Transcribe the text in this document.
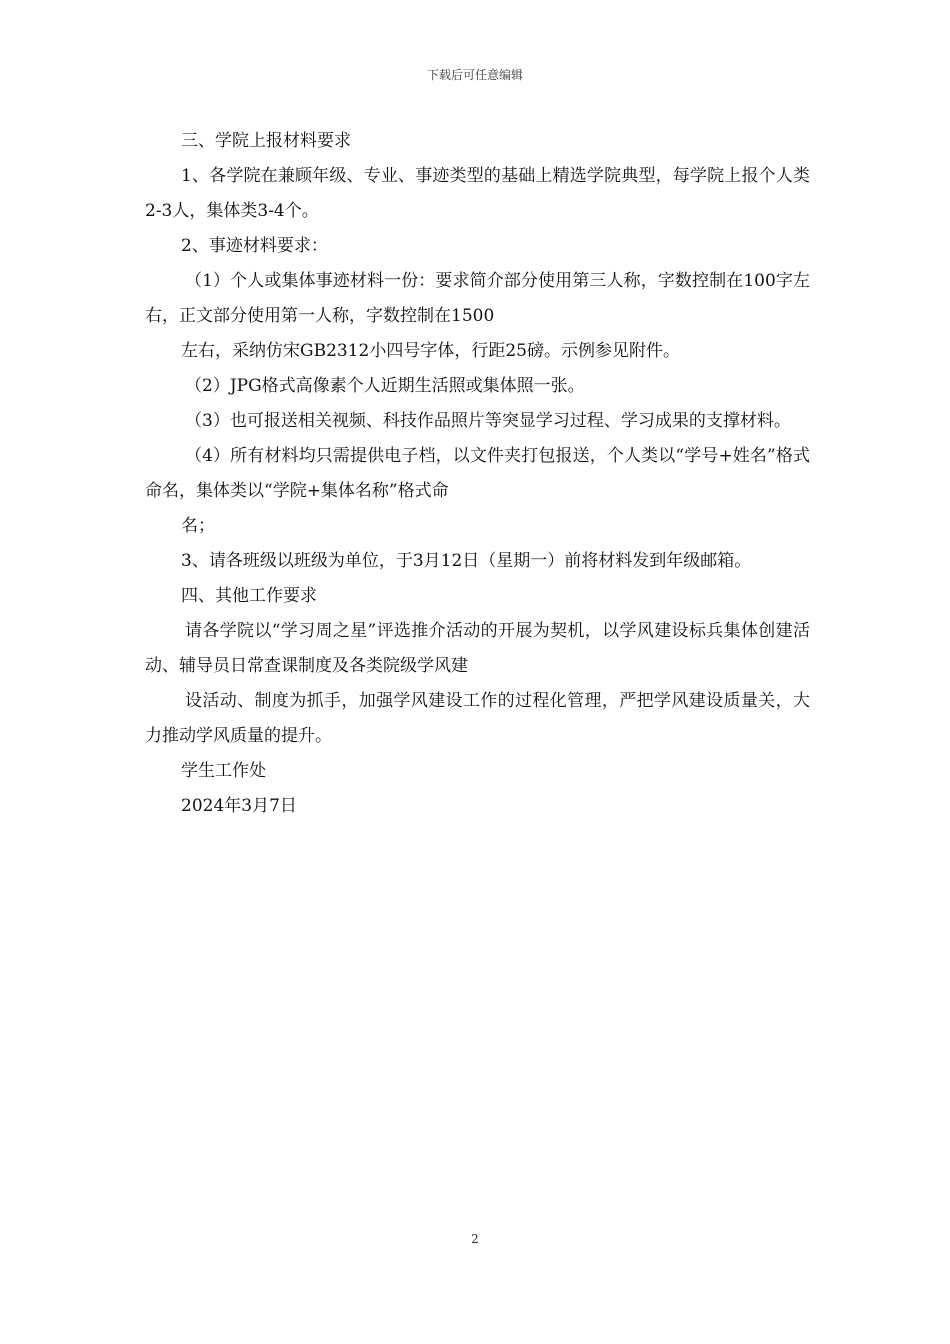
下载后可任意编辑

三、学院上报材料要求

1、各学院在兼顾年级、专业、事迹类型的基础上精选学院典型，每学院上报个人类2-3人，集体类3-4个。

2、事迹材料要求：

（1）个人或集体事迹材料一份：要求简介部分使用第三人称，字数控制在100字左右，正文部分使用第一人称，字数控制在1500

左右，采纳仿宋GB2312小四号字体，行距25磅。示例参见附件。

（2）JPG格式高像素个人近期生活照或集体照一张。

（3）也可报送相关视频、科技作品照片等突显学习过程、学习成果的支撑材料。

（4）所有材料均只需提供电子档，以文件夹打包报送，个人类以“学号+姓名”格式命名，集体类以“学院+集体名称”格式命

名；

3、请各班级以班级为单位，于3月12日（星期一）前将材料发到年级邮箱。

四、其他工作要求

请各学院以“学习周之星”评选推介活动的开展为契机，以学风建设标兵集体创建活动、辅导员日常查课制度及各类院级学风建

设活动、制度为抓手，加强学风建设工作的过程化管理，严把学风建设质量关，大力推动学风质量的提升。

学生工作处

2024年3月7日

2
